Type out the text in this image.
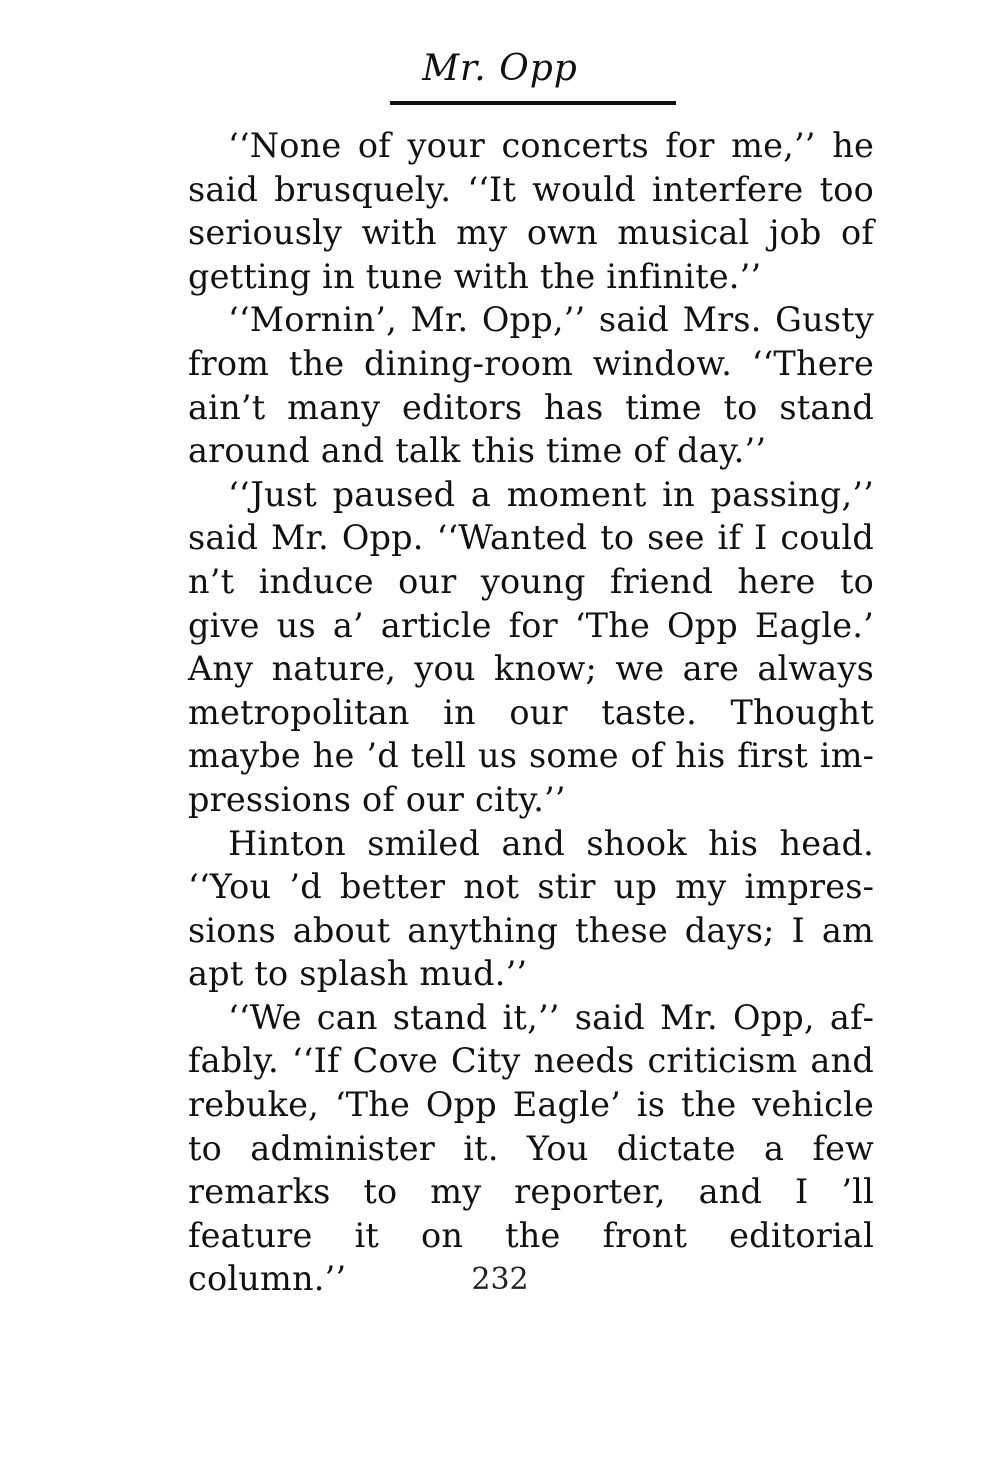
Mr. Opp

‘‘None of your concerts for me,’’ he said brusquely. ‘‘It would interfere too seriously with my own musical job of getting in tune with the infinite.’’

‘‘Mornin’, Mr. Opp,’’ said Mrs. Gusty from the dining-room window. ‘‘There ain’t many editors has time to stand around and talk this time of day.’’

‘‘Just paused a moment in passing,’’ said Mr. Opp. ‘‘Wanted to see if I could n’t induce our young friend here to give us a’ article for ‘The Opp Eagle.’ Any nature, you know; we are always metropolitan in our taste. Thought maybe he ’d tell us some of his first impressions of our city.’’

Hinton smiled and shook his head. ‘‘You ’d better not stir up my impressions about anything these days; I am apt to splash mud.’’

‘‘We can stand it,’’ said Mr. Opp, affably. ‘‘If Cove City needs criticism and rebuke, ‘The Opp Eagle’ is the vehicle to administer it. You dictate a few remarks to my reporter, and I ’ll feature it on the front editorial column.’’	232
